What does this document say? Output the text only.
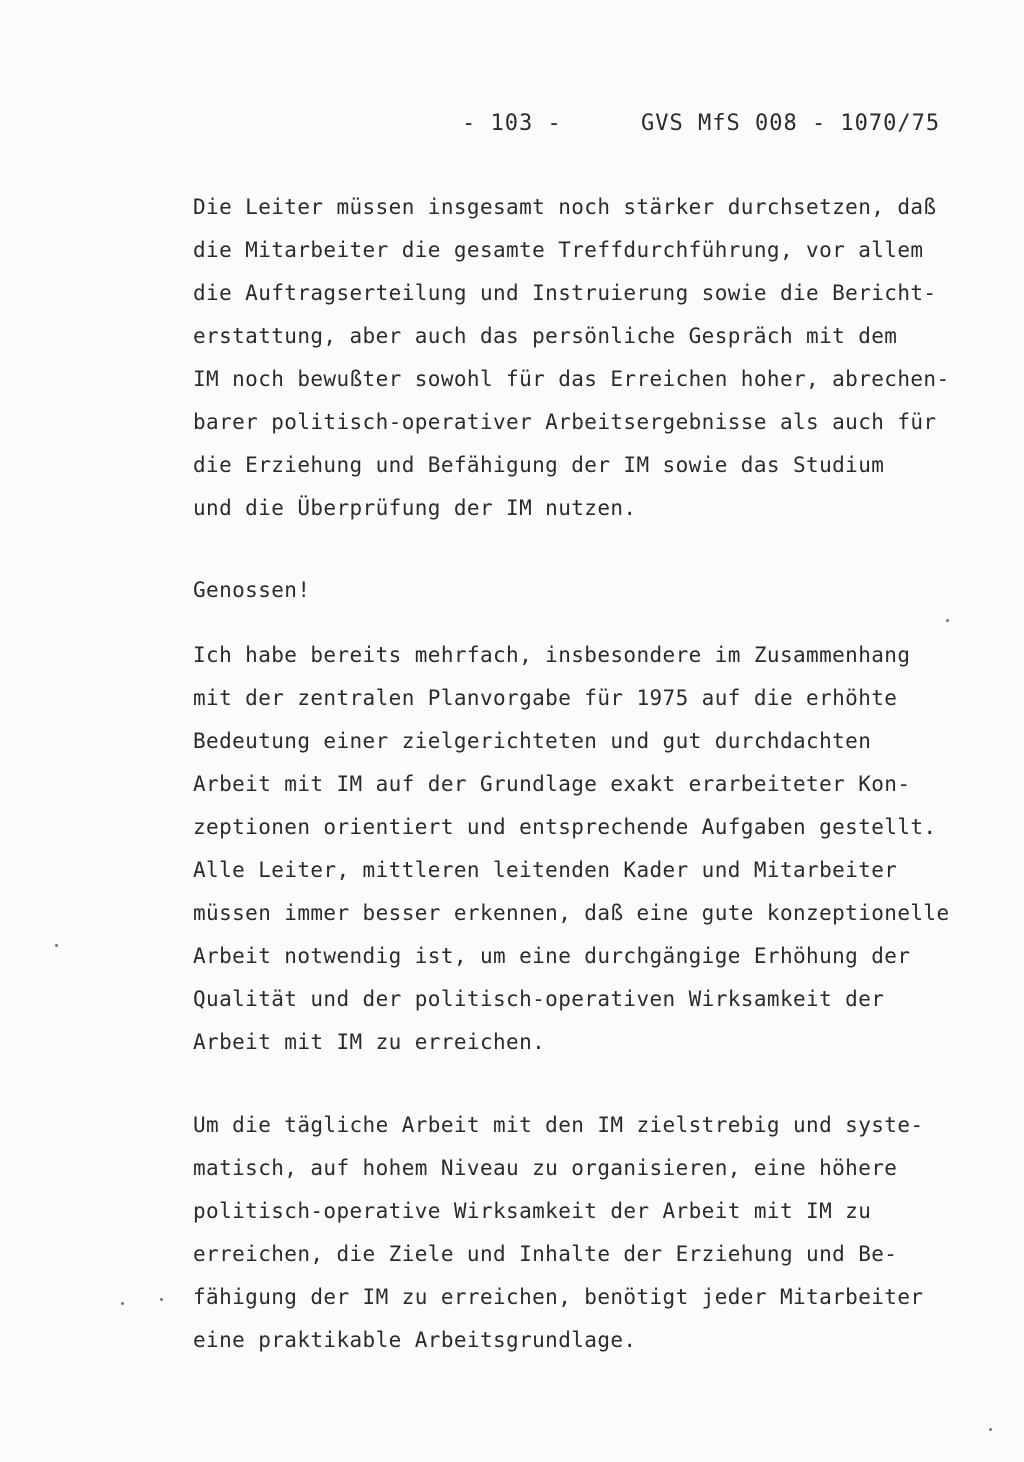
- 103 -	GVS MfS 008 - 1070/75
Die Leiter müssen insgesamt noch stärker durchsetzen, daß
die Mitarbeiter die gesamte Treffdurchführung, vor allem
die Auftragserteilung und Instruierung sowie die Bericht-
erstattung, aber auch das persönliche Gespräch mit dem
IM noch bewußter sowohl für das Erreichen hoher, abrechen-
barer politisch-operativer Arbeitsergebnisse als auch für
die Erziehung und Befähigung der IM sowie das Studium
und die Überprüfung der IM nutzen.
Genossen!
Ich habe bereits mehrfach, insbesondere im Zusammenhang
mit der zentralen Planvorgabe für 1975 auf die erhöhte
Bedeutung einer zielgerichteten und gut durchdachten
Arbeit mit IM auf der Grundlage exakt erarbeiteter Kon-
zeptionen orientiert und entsprechende Aufgaben gestellt.
Alle Leiter, mittleren leitenden Kader und Mitarbeiter
müssen immer besser erkennen, daß eine gute konzeptionelle
Arbeit notwendig ist, um eine durchgängige Erhöhung der
Qualität und der politisch-operativen Wirksamkeit der
Arbeit mit IM zu erreichen.
Um die tägliche Arbeit mit den IM zielstrebig und syste-
matisch, auf hohem Niveau zu organisieren, eine höhere
politisch-operative Wirksamkeit der Arbeit mit IM zu
erreichen, die Ziele und Inhalte der Erziehung und Be-
fähigung der IM zu erreichen, benötigt jeder Mitarbeiter
eine praktikable Arbeitsgrundlage.
